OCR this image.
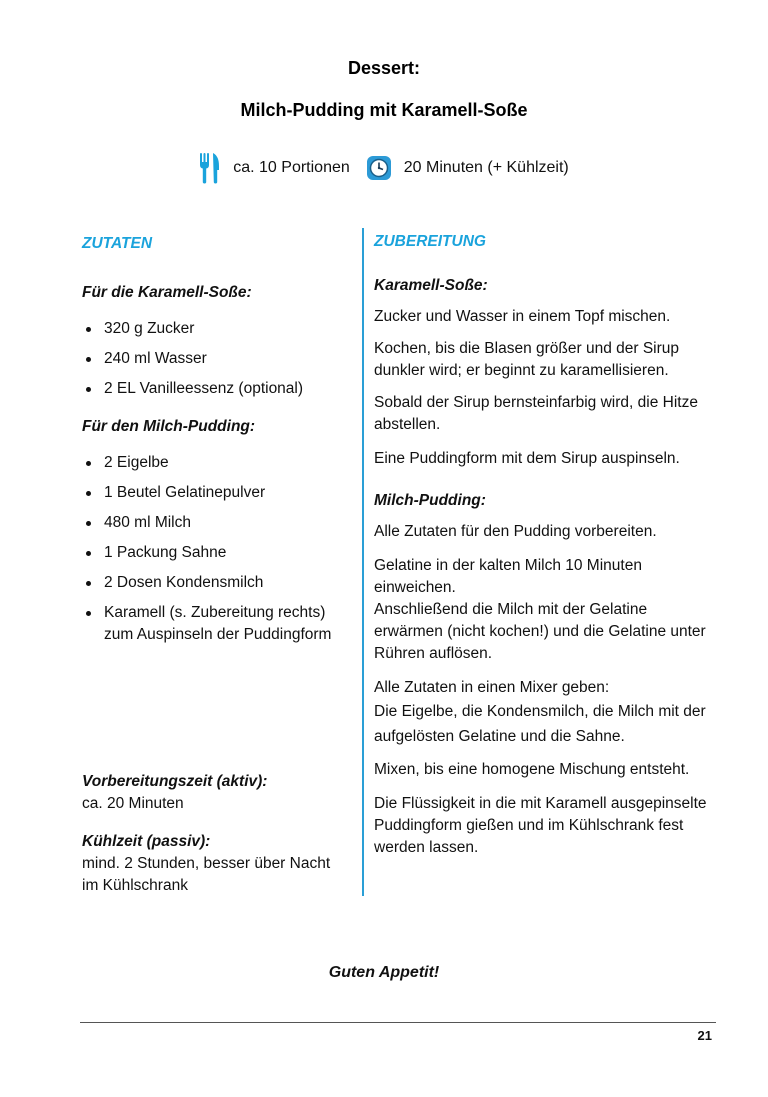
Dessert:
Milch-Pudding mit Karamell-Soße
ca. 10 Portionen	20 Minuten (+ Kühlzeit)
ZUTATEN
Für die Karamell-Soße:
320 g Zucker
240 ml Wasser
2 EL Vanilleessenz (optional)
Für den Milch-Pudding:
2 Eigelbe
1 Beutel Gelatinepulver
480 ml Milch
1 Packung Sahne
2 Dosen Kondensmilch
Karamell (s. Zubereitung rechts) zum Auspinseln der Puddingform
Vorbereitungszeit (aktiv):
ca. 20 Minuten
Kühlzeit (passiv):
mind. 2 Stunden, besser über Nacht im Kühlschrank
ZUBEREITUNG
Karamell-Soße:

Zucker und Wasser in einem Topf mischen.

Kochen, bis die Blasen größer und der Sirup dunkler wird; er beginnt zu karamellisieren.

Sobald der Sirup bernsteinfarbig wird, die Hitze abstellen.

Eine Puddingform mit dem Sirup auspinseln.

Milch-Pudding:

Alle Zutaten für den Pudding vorbereiten.

Gelatine in der kalten Milch 10 Minuten einweichen.

Anschließend die Milch mit der Gelatine erwärmen (nicht kochen!) und die Gelatine unter Rühren auflösen.

Alle Zutaten in einen Mixer geben:

Die Eigelbe, die Kondensmilch, die Milch mit der aufgelösten Gelatine und die Sahne.

Mixen, bis eine homogene Mischung entsteht.

Die Flüssigkeit in die mit Karamell ausgepinselte Puddingform gießen und im Kühlschrank fest werden lassen.

Guten Appetit!
21
